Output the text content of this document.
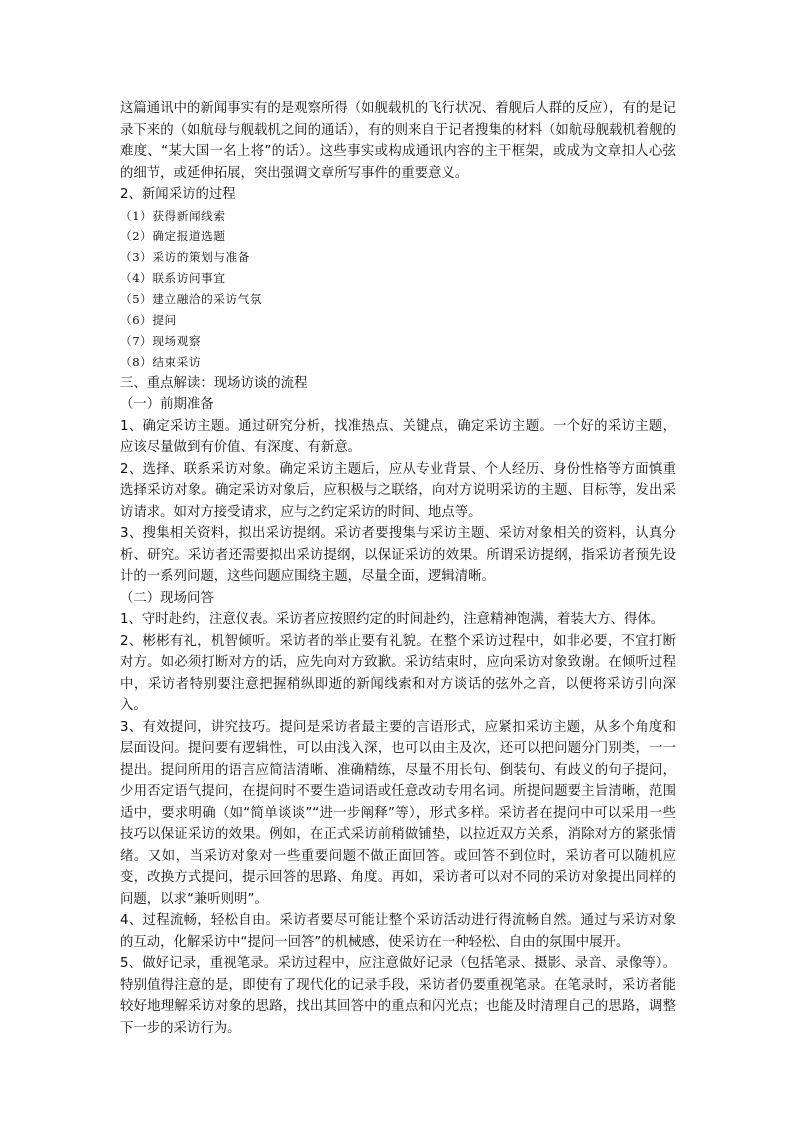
这篇通讯中的新闻事实有的是观察所得（如舰载机的飞行状况、着舰后人群的反应），有的是记录下来的（如航母与舰载机之间的通话），有的则来自于记者搜集的材料（如航母舰载机着舰的难度、“某大国一名上将”的话）。这些事实或构成通讯内容的主干框架，或成为文章扣人心弦的细节，或延伸拓展，突出强调文章所写事件的重要意义。

2、新闻采访的过程

（1）获得新闻线索
（2）确定报道选题
（3）采访的策划与准备
（4）联系访问事宜
（5）建立融洽的采访气氛
（6）提问
（7）现场观察
（8）结束采访

三、重点解读：现场访谈的流程

（一）前期准备

1、确定采访主题。通过研究分析，找准热点、关键点，确定采访主题。一个好的采访主题，应该尽量做到有价值、有深度、有新意。

2、选择、联系采访对象。确定采访主题后，应从专业背景、个人经历、身份性格等方面慎重选择采访对象。确定采访对象后，应积极与之联络，向对方说明采访的主题、目标等，发出采访请求。如对方接受请求，应与之约定采访的时间、地点等。

3、搜集相关资料，拟出采访提纲。采访者要搜集与采访主题、采访对象相关的资料，认真分析、研究。采访者还需要拟出采访提纲，以保证采访的效果。所谓采访提纲，指采访者预先设计的一系列问题，这些问题应围绕主题，尽量全面，逻辑清晰。

（二）现场问答

1、守时赴约，注意仪表。采访者应按照约定的时间赴约，注意精神饱满，着装大方、得体。

2、彬彬有礼，机智倾听。采访者的举止要有礼貌。在整个采访过程中，如非必要，不宜打断对方。如必须打断对方的话，应先向对方致歉。采访结束时，应向采访对象致谢。在倾听过程中，采访者特别要注意把握稍纵即逝的新闻线索和对方谈话的弦外之音，以便将采访引向深入。

3、有效提问，讲究技巧。提问是采访者最主要的言语形式，应紧扣采访主题，从多个角度和层面设问。提问要有逻辑性，可以由浅入深，也可以由主及次，还可以把问题分门别类，一一提出。提问所用的语言应简洁清晰、准确精练，尽量不用长句、倒装句、有歧义的句子提问，少用否定语气提问，在提问时不要生造词语或任意改动专用名词。所提问题要主旨清晰，范围适中，要求明确（如“简单谈谈”“进一步阐释”等），形式多样。采访者在提问中可以采用一些技巧以保证采访的效果。例如，在正式采访前稍做铺垫，以拉近双方关系，消除对方的紧张情绪。又如，当采访对象对一些重要问题不做正面回答。或回答不到位时，采访者可以随机应变，改换方式提问，提示回答的思路、角度。再如，采访者可以对不同的采访对象提出同样的问题，以求“兼听则明”。

4、过程流畅，轻松自由。采访者要尽可能让整个采访活动进行得流畅自然。通过与采访对象的互动，化解采访中“提问一回答”的机械感，使采访在一种轻松、自由的氛围中展开。

5、做好记录，重视笔录。采访过程中，应注意做好记录（包括笔录、摄影、录音、录像等）。特别值得注意的是，即使有了现代化的记录手段，采访者仍要重视笔录。在笔录时，采访者能较好地理解采访对象的思路，找出其回答中的重点和闪光点；也能及时清理自己的思路，调整下一步的采访行为。
